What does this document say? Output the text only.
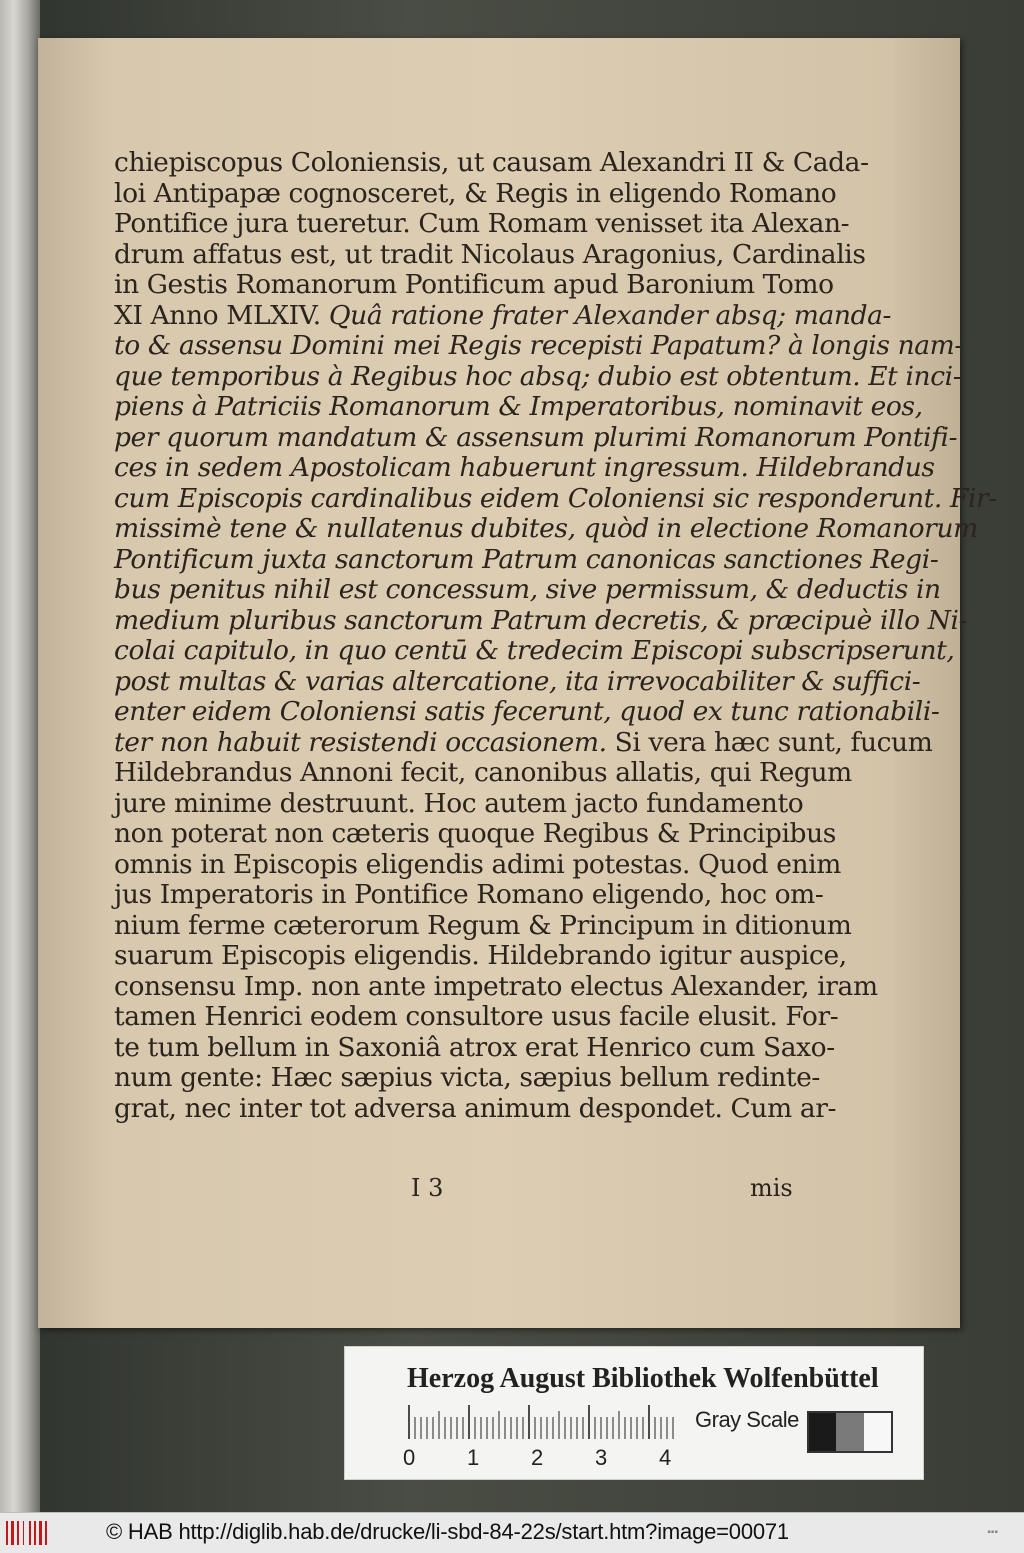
chiepiscopus Coloniensis, ut causam Alexandri II & Cada-
loi Antipapæ cognosceret, & Regis in eligendo Romano
Pontifice jura tueretur. Cum Romam venisset ita Alexan-
drum affatus est, ut tradit Nicolaus Aragonius, Cardinalis
in Gestis Romanorum Pontificum apud Baronium Tomo
XI Anno MLXIV. Quâ ratione frater Alexander absq; manda-
to & assensu Domini mei Regis recepisti Papatum? à longis nam-
que temporibus à Regibus hoc absq; dubio est obtentum. Et inci-
piens à Patriciis Romanorum & Imperatoribus, nominavit eos,
per quorum mandatum & assensum plurimi Romanorum Pontifi-
ces in sedem Apostolicam habuerunt ingressum. Hildebrandus
cum Episcopis cardinalibus eidem Coloniensi sic responderunt. Fir-
missimè tene & nullatenus dubites, quòd in electione Romanorum
Pontificum juxta sanctorum Patrum canonicas sanctiones Regi-
bus penitus nihil est concessum, sive permissum, & deductis in
medium pluribus sanctorum Patrum decretis, & præcipuè illo Ni-
colai capitulo, in quo centū & tredecim Episcopi subscripserunt,
post multas & varias altercatione, ita irrevocabiliter & suffici-
enter eidem Coloniensi satis fecerunt, quod ex tunc rationabili-
ter non habuit resistendi occasionem. Si vera hæc sunt, fucum
Hildebrandus Annoni fecit, canonibus allatis, qui Regum
jure minime destruunt. Hoc autem jacto fundamento
non poterat non cæteris quoque Regibus & Principibus
omnis in Episcopis eligendis adimi potestas. Quod enim
jus Imperatoris in Pontifice Romano eligendo, hoc om-
nium ferme cæterorum Regum & Principum in ditionum
suarum Episcopis eligendis. Hildebrando igitur auspice,
consensu Imp. non ante impetrato electus Alexander, iram
tamen Henrici eodem consultore usus facile elusit. For-
te tum bellum in Saxoniâ atrox erat Henrico cum Saxo-
num gente: Hæc sæpius victa, sæpius bellum redinte-
grat, nec inter tot adversa animum despondet. Cum ar-
I 3	mis
Herzog August Bibliothek Wolfenbüttel
0 1 2 3 4
Gray Scale
© HAB http://diglib.hab.de/drucke/li-sbd-84-22s/start.htm?image=00071	▪▪▪
